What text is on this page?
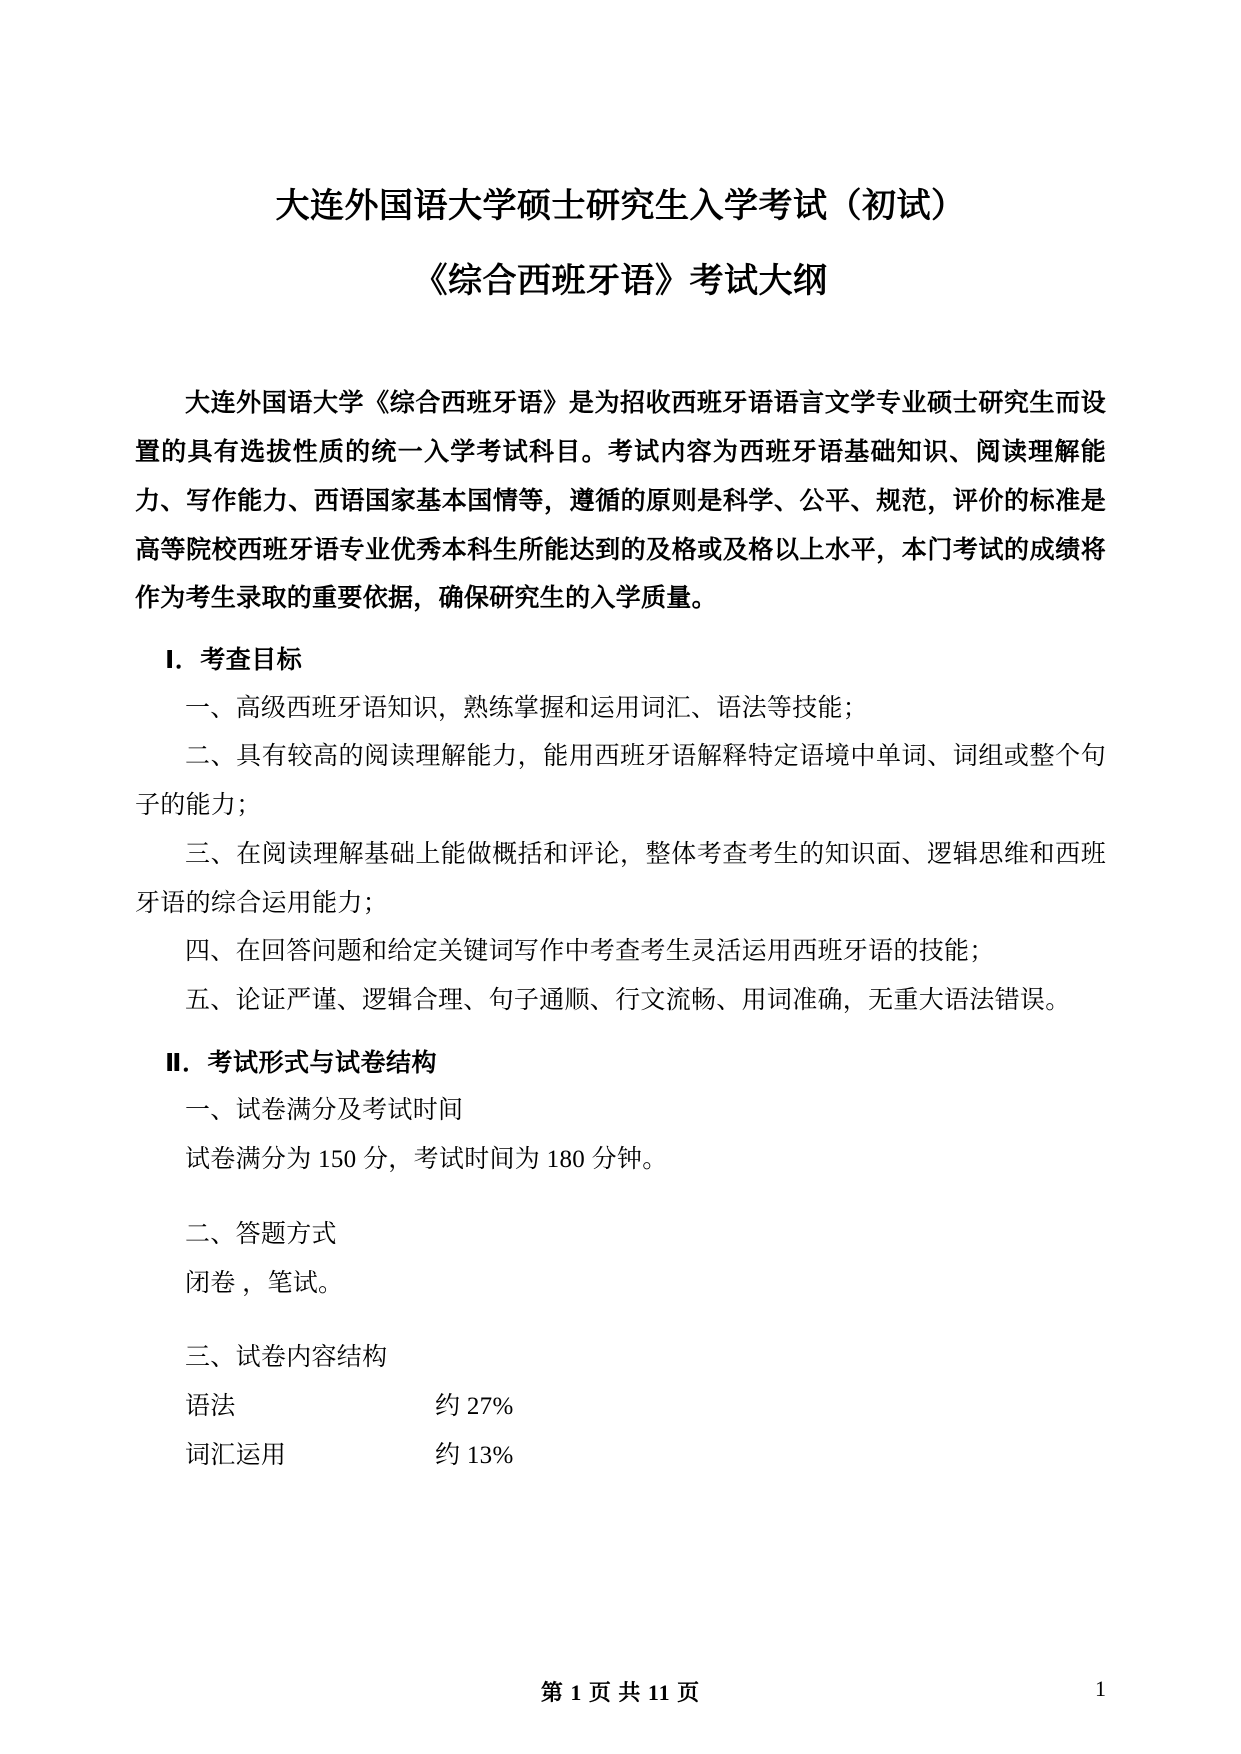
大连外国语大学硕士研究生入学考试（初试）
《综合西班牙语》考试大纲
大连外国语大学《综合西班牙语》是为招收西班牙语语言文学专业硕士研究生而设置的具有选拔性质的统一入学考试科目。考试内容为西班牙语基础知识、阅读理解能力、写作能力、西语国家基本国情等，遵循的原则是科学、公平、规范，评价的标准是高等院校西班牙语专业优秀本科生所能达到的及格或及格以上水平，本门考试的成绩将作为考生录取的重要依据，确保研究生的入学质量。
Ⅰ．考查目标
一、高级西班牙语知识，熟练掌握和运用词汇、语法等技能；
二、具有较高的阅读理解能力，能用西班牙语解释特定语境中单词、词组或整个句子的能力；
三、在阅读理解基础上能做概括和评论，整体考查考生的知识面、逻辑思维和西班牙语的综合运用能力；
四、在回答问题和给定关键词写作中考查考生灵活运用西班牙语的技能；
五、论证严谨、逻辑合理、句子通顺、行文流畅、用词准确，无重大语法错误。
Ⅱ．考试形式与试卷结构
一、试卷满分及考试时间
试卷满分为 150 分，考试时间为 180 分钟。
二、答题方式
闭卷 ，笔试。
三、试卷内容结构
语法	约 27%
词汇运用	约 13%
第 1 页 共 11 页	1
